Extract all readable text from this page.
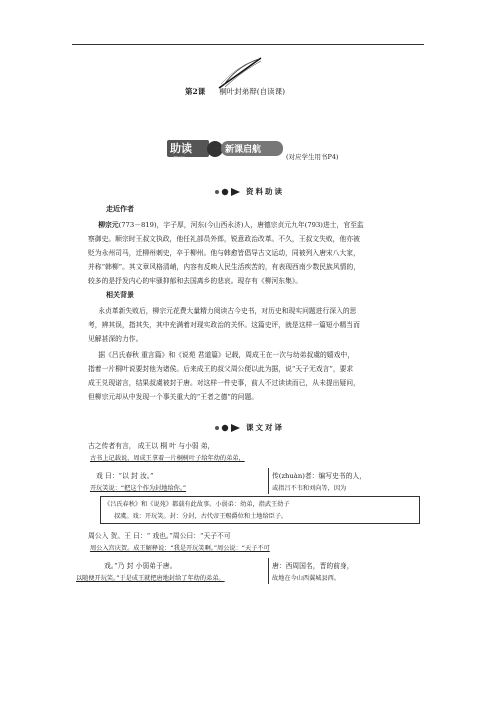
第2课 桐叶封弟辩(自读课)
助读
ZHU DU
新课启航
(对应学生用书P4)
资料助读
走近作者
柳宗元(773－819)，字子厚，河东(今山西永济)人，唐德宗贞元九年(793)进士，官至监
察御史。顺宗时王叔文执政，他任礼部员外郎，锐意政治改革。不久，王叔文失败，他亦被
贬为永州司马，迁柳州刺史，卒于柳州。他与韩愈皆倡导古文运动，同被列入唐宋八大家，
并称“韩柳”。其文章风格清峭，内容有反映人民生活疾苦的，有表现西南少数民族风情的，
较多的是抒发内心的牢骚抑郁和去国离乡的悲哀。现存有《柳河东集》。
相关背景
永贞革新失败后，柳宗元花费大量精力阅读古今史书，对历史和现实问题进行深入的思
考，辨其误，指其失，其中充满着对现实政治的关怀。这篇史评，就是这样一篇短小精当而
见解甚深的力作。
据《吕氏春秋 重言篇》和《说苑 君道篇》记载，周成王在一次与幼弟叔虞的嬉戏中，
指着一片桐叶说要封他为诸侯。后来成王的叔父周公便以此为据，说“天子无戏言”，要求
成王兑现诺言，结果叔虞被封于唐。对这样一件史事，前人不过读读而已，从未提出疑问，
但柳宗元却从中发现一个事关重大的“王者之德”的问题。
课文对译
古之传者有言， 成王以 桐 叶 与小弱 弟，
古书上记载说，周成王拿着一片桐树叶子给年幼的弟弟，
戏 曰：“以 封 汝。”	传(zhuàn)者：编写史书的人，
开玩笑说：“把这个作为封地给你。”	或指吕不韦和刘向等，因为
《吕氏春秋》和《说苑》都载有此故事。小弱弟：幼弟，指武王幼子
叔虞。戏：开玩笑。封：分封，古代帝王赐爵位和土地给臣子。
周公入 贺。王 曰：“ 戏也。”周公曰：“天子不可
周公入宫庆贺。成王解释说：“我是开玩笑啊。”周公说：“天子不可
戏。”乃 封 小弱弟于唐。	唐：西周国名，晋的前身，
以随便开玩笑。”于是成王就把唐地封给了年幼的弟弟。	故地在今山西翼城县西。
